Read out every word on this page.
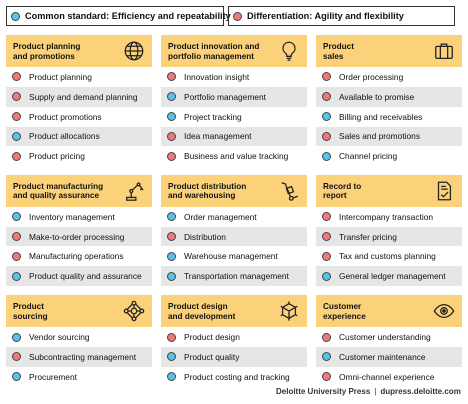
Common standard: Efficiency and repeatability Differentiation: Agility and flexibility
Product planning
and promotions
Product planning
Supply and demand planning
Product promotions
Product allocations
Product pricing
Product innovation and
portfolio management
Innovation insight
Portfolio management
Project tracking
Idea management
Business and value tracking
Product
sales
Order processing
Available to promise
Billing and receivables
Sales and promotions
Channel pricing
Product manufacturing
and quality assurance
Inventory management
Make-to-order processing
Manufacturing operations
Product quality and assurance
Product distribution
and warehousing
Order management
Distribution
Warehouse management
Transportation management
Record to
report
Intercompany transaction
Transfer pricing
Tax and customs planning
General ledger management
Product
sourcing
Vendor sourcing
Subcontracting management
Procurement
Product design
and development
Product design
Product quality
Product costing and tracking
Customer
experience
Customer understanding
Customer maintenance
Omni-channel experience
Deloitte University Press | dupress.deloitte.com
